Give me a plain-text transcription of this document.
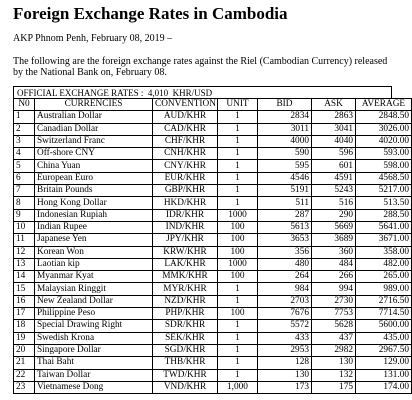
Foreign Exchange Rates in Cambodia
AKP Phnom Penh, February 08, 2019 –
The following are the foreign exchange rates against the Riel (Cambodian Currency) released by the National Bank on, February 08.
OFFICIAL EXCHANGE RATES : 4,010 KHR/USD
N0	CURRENCIES	CONVENTION	UNIT	BID	ASK	AVERAGE
1	Australian Dollar	AUD/KHR	1	2834	2863	2848.50
2	Canadian Dollar	CAD/KHR	1	3011	3041	3026.00
3	Switzerland Franc	CHF/KHR	1	4000	4040	4020.00
4	Off-shore CNY	CNH/KHR	1	590	596	593.00
5	China Yuan	CNY/KHR	1	595	601	598.00
6	European Euro	EUR/KHR	1	4546	4591	4568.50
7	Britain Pounds	GBP/KHR	1	5191	5243	5217.00
8	Hong Kong Dollar	HKD/KHR	1	511	516	513.50
9	Indonesian Rupiah	IDR/KHR	1000	287	290	288.50
10	Indian Rupee	IND/KHR	100	5613	5669	5641.00
11	Japanese Yen	JPY/KHR	100	3653	3689	3671.00
12	Korean Won	KRW/KHR	100	356	360	358.00
13	Laotian kip	LAK/KHR	1000	480	484	482.00
14	Myanmar Kyat	MMK/KHR	100	264	266	265.00
15	Malaysian Ringgit	MYR/KHR	1	984	994	989.00
16	New Zealand Dollar	NZD/KHR	1	2703	2730	2716.50
17	Philippine Peso	PHP/KHR	100	7676	7753	7714.50
18	Special Drawing Right	SDR/KHR	1	5572	5628	5600.00
19	Swedish Krona	SEK/KHR	1	433	437	435.00
20	Singapore Dollar	SGD/KHR	1	2953	2982	2967.50
21	Thai Baht	THB/KHR	1	128	130	129.00
22	Taiwan Dollar	TWD/KHR	1	130	132	131.00
23	Vietnamese Dong	VND/KHR	1,000	173	175	174.00
